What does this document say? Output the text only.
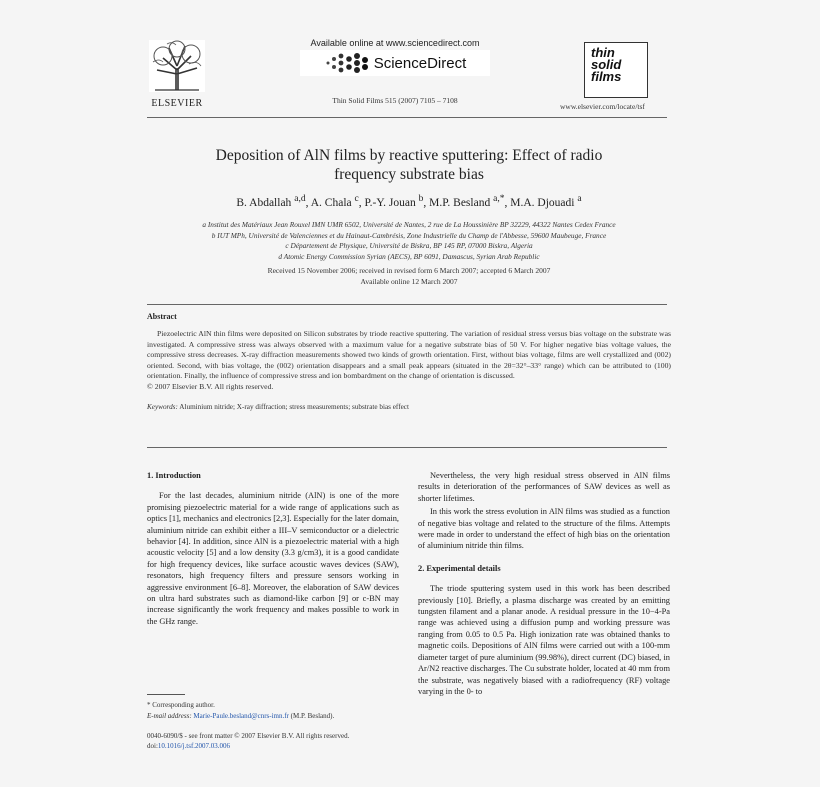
ELSEVIER
Available online at www.sciencedirect.com
ScienceDirect
Thin Solid Films 515 (2007) 7105 – 7108
thin
solid
films
www.elsevier.com/locate/tsf
Deposition of AlN films by reactive sputtering: Effect of radio
frequency substrate bias
B. Abdallah $^{a,d}$, A. Chala $^c$, P.-Y. Jouan $^b$, M.P. Besland $^{a,*}$, M.A. Djouadi $^a$
a Institut des Matériaux Jean Rouxel IMN UMR 6502, Université de Nantes, 2 rue de La Houssinière BP 32229, 44322 Nantes Cedex France
b IUT MPh, Université de Valenciennes et du Hainaut-Cambrésis, Zone Industrielle du Champ de l'Abbesse, 59600 Maubeuge, France
c Département de Physique, Université de Biskra, BP 145 RP, 07000 Biskra, Algeria
d Atomic Energy Commission Syrian (AECS), BP 6091, Damascus, Syrian Arab Republic
Received 15 November 2006; received in revised form 6 March 2007; accepted 6 March 2007
Available online 12 March 2007
Abstract
Piezoelectric AlN thin films were deposited on Silicon substrates by triode reactive sputtering. The variation of residual stress versus bias voltage on the substrate was investigated. A compressive stress was always observed with a maximum value for a negative substrate bias of 50 V. For higher negative bias voltage values, the compressive stress decreases. X-ray diffraction measurements showed two kinds of growth orientation. First, without bias voltage, films are well crystallized and (002) oriented. Second, with bias voltage, the (002) orientation disappears and a small peak appears (situated in the 2θ=32°–33° range) which can be attributed to (100) orientation. Finally, the influence of compressive stress and ion bombardment on the change of orientation is discussed.
© 2007 Elsevier B.V. All rights reserved.
Keywords: Aluminium nitride; X-ray diffraction; stress measurements; substrate bias effect
1. Introduction

For the last decades, aluminium nitride (AlN) is one of the more promising piezoelectric material for a wide range of applications such as optics [1], mechanics and electronics [2,3]. Especially for the later domain, aluminium nitride can exhibit either a III–V semiconductor or a dielectric behavior [4]. In addition, since AlN is a piezoelectric material with a high acoustic velocity [5] and a low density (3.3 g/cm3), it is a good candidate for high frequency devices, like surface acoustic waves devices (SAW), resonators, high frequency filters and pressure sensors working in aggressive environment [6–8]. Moreover, the elaboration of SAW devices on ultra hard substrates such as diamond-like carbon [9] or c-BN may increase significantly the work frequency and makes possible to work in the GHz range.

Nevertheless, the very high residual stress observed in AlN films results in deterioration of the performances of SAW devices as well as shorter lifetimes.

In this work the stress evolution in AlN films was studied as a function of negative bias voltage and related to the structure of the films. Attempts were made in order to understand the effect of high bias on the orientation of aluminium nitride thin films.

2. Experimental details

The triode sputtering system used in this work has been described previously [10]. Briefly, a plasma discharge was created by an emitting tungsten filament and a planar anode. A residual pressure in the 10−4-Pa range was achieved using a diffusion pump and working pressure was ranging from 0.05 to 0.5 Pa. High ionization rate was obtained thanks to magnetic coils. Depositions of AlN films were carried out with a 100-mm diameter target of pure aluminium (99.98%), direct current (DC) biased, in Ar/N2 reactive discharges. The Cu substrate holder, located at 40 mm from the substrate, was negatively biased with a radiofrequency (RF) voltage varying in the 0- to

* Corresponding author.
E-mail address: Marie-Paule.besland@cnrs-imn.fr (M.P. Besland).
0040-6090/$ - see front matter © 2007 Elsevier B.V. All rights reserved.
doi:10.1016/j.tsf.2007.03.006
